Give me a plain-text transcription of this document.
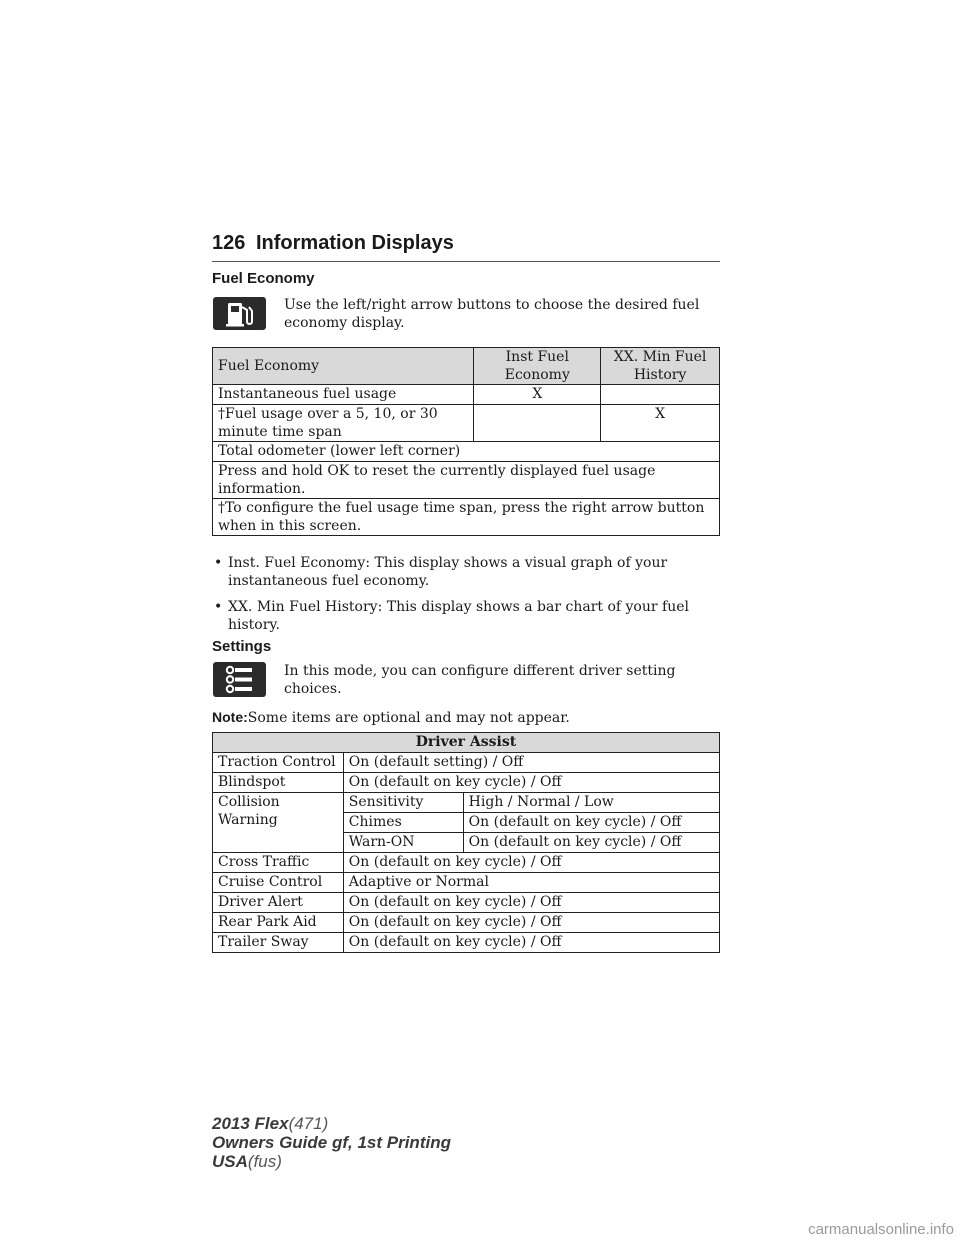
126 Information Displays
Fuel Economy
Use the left/right arrow buttons to choose the desired fuel economy display.
Fuel Economy	Inst Fuel Economy	XX. Min Fuel History
Instantaneous fuel usage	X	
†Fuel usage over a 5, 10, or 30 minute time span		X
Total odometer (lower left corner)		
Press and hold OK to reset the currently displayed fuel usage information.		
†To configure the fuel usage time span, press the right arrow button when in this screen.		
• Inst. Fuel Economy: This display shows a visual graph of your instantaneous fuel economy.
• XX. Min Fuel History: This display shows a bar chart of your fuel history.
Settings
In this mode, you can configure different driver setting choices.
Note:Some items are optional and may not appear.
Driver Assist		
Traction Control	On (default setting) / Off	
Blindspot	On (default on key cycle) / Off	
Collision Warning	Sensitivity	High / Normal / Low
	Chimes	On (default on key cycle) / Off
	Warn-ON	On (default on key cycle) / Off
Cross Traffic	On (default on key cycle) / Off	
Cruise Control	Adaptive or Normal	
Driver Alert	On (default on key cycle) / Off	
Rear Park Aid	On (default on key cycle) / Off	
Trailer Sway	On (default on key cycle) / Off	
2013 Flex(471)
Owners Guide gf, 1st Printing
USA(fus)
carmanualsonline.info
